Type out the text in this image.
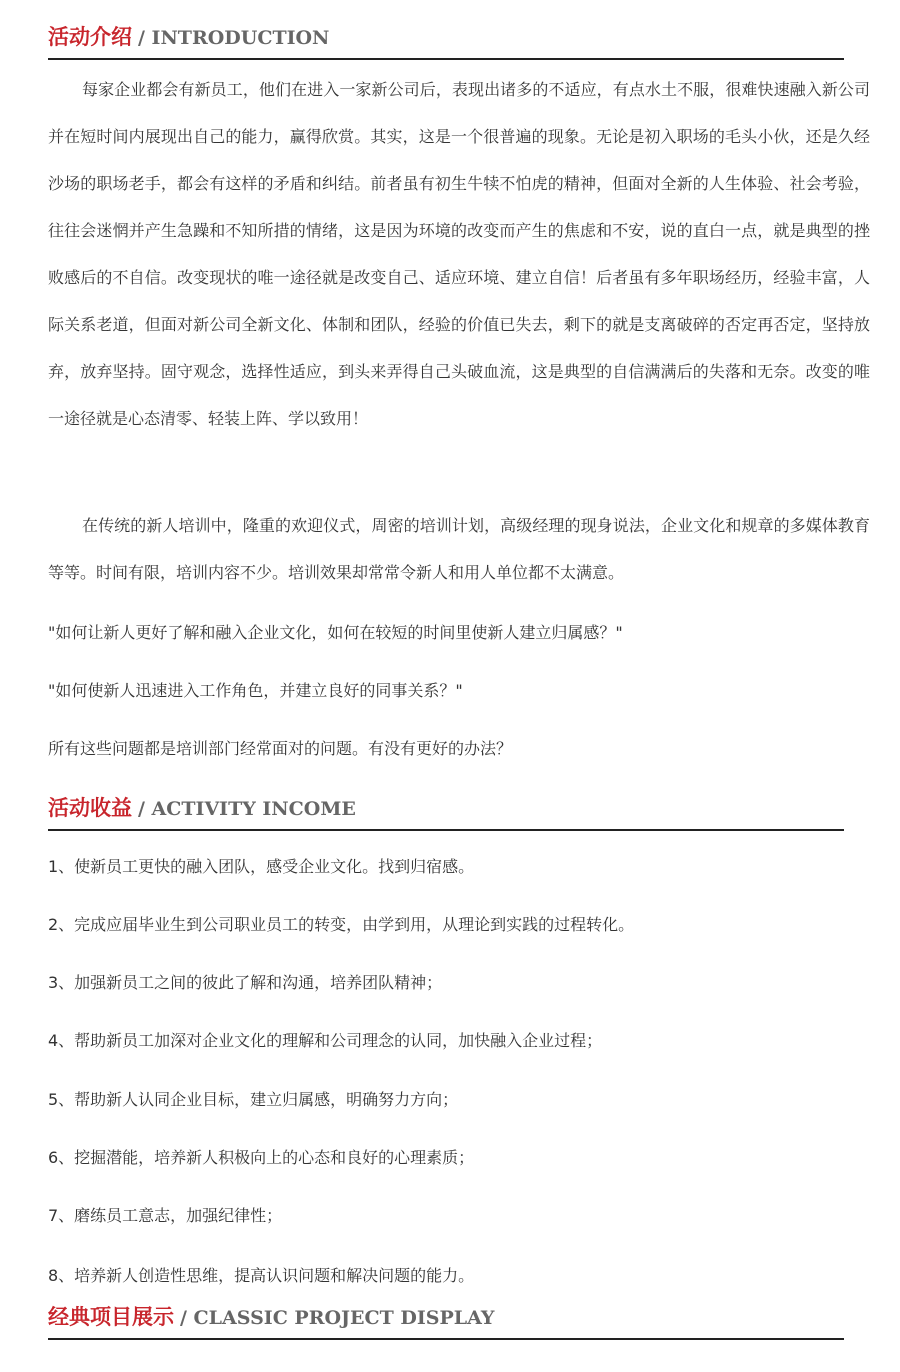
活动介绍 / INTRODUCTION

每家企业都会有新员工，他们在进入一家新公司后，表现出诸多的不适应，有点水土不服，很难快速融入新公司并在短时间内展现出自己的能力，赢得欣赏。其实，这是一个很普遍的现象。无论是初入职场的毛头小伙，还是久经沙场的职场老手，都会有这样的矛盾和纠结。前者虽有初生牛犊不怕虎的精神，但面对全新的人生体验、社会考验，往往会迷惘并产生急躁和不知所措的情绪，这是因为环境的改变而产生的焦虑和不安，说的直白一点，就是典型的挫败感后的不自信。改变现状的唯一途径就是改变自己、适应环境、建立自信！后者虽有多年职场经历，经验丰富，人际关系老道，但面对新公司全新文化、体制和团队，经验的价值已失去，剩下的就是支离破碎的否定再否定，坚持放弃，放弃坚持。固守观念，选择性适应，到头来弄得自己头破血流，这是典型的自信满满后的失落和无奈。改变的唯一途径就是心态清零、轻装上阵、学以致用！

在传统的新人培训中，隆重的欢迎仪式，周密的培训计划，高级经理的现身说法，企业文化和规章的多媒体教育等等。时间有限，培训内容不少。培训效果却常常令新人和用人单位都不太满意。

"如何让新人更好了解和融入企业文化，如何在较短的时间里使新人建立归属感？"

"如何使新人迅速进入工作角色，并建立良好的同事关系？"

所有这些问题都是培训部门经常面对的问题。有没有更好的办法？

活动收益 / ACTIVITY INCOME
1、使新员工更快的融入团队，感受企业文化。找到归宿感。
2、完成应届毕业生到公司职业员工的转变，由学到用，从理论到实践的过程转化。
3、加强新员工之间的彼此了解和沟通，培养团队精神；
4、帮助新员工加深对企业文化的理解和公司理念的认同，加快融入企业过程；
5、帮助新人认同企业目标，建立归属感，明确努力方向；
6、挖掘潜能，培养新人积极向上的心态和良好的心理素质；
7、磨练员工意志，加强纪律性；
8、培养新人创造性思维，提高认识问题和解决问题的能力。
经典项目展示 / CLASSIC PROJECT DISPLAY
